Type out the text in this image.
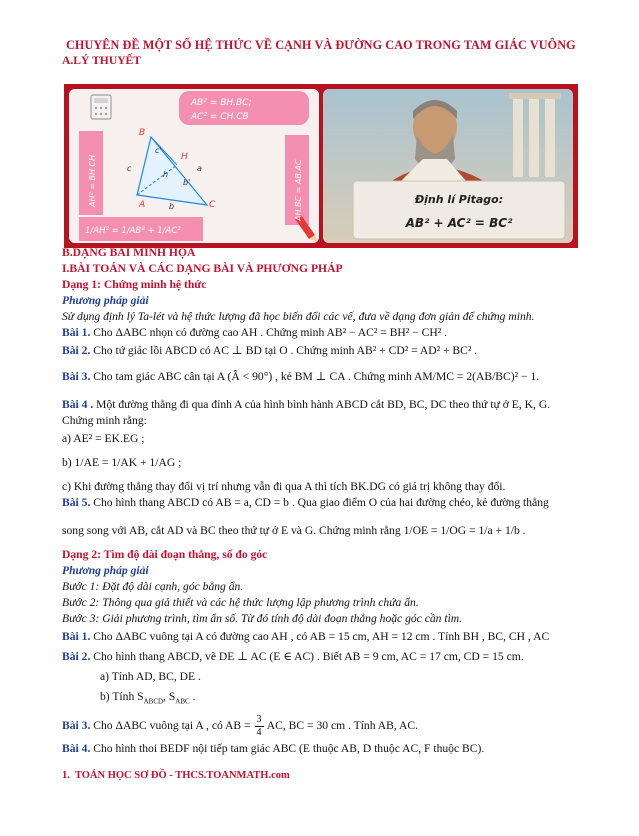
CHUYÊN ĐỀ MỘT SỐ HỆ THỨC VỀ CẠNH VÀ ĐƯỜNG CAO TRONG TAM GIÁC VUÔNG
A.LÝ THUYẾT
B
H
a
c
c'
h
b'
b
A	C
AB² = BH.BC;
AC² = CH.CB
AH² = BH.CH	AH.BC = AB.AC
1/AH² = 1/AB² + 1/AC²
Định lí Pitago:
AB² + AC² = BC²
B.DẠNG BÀI MINH HỌA
I.BÀI TOÁN VÀ CÁC DẠNG BÀI VÀ PHƯƠNG PHÁP
Dạng 1: Chứng minh hệ thức
Phương pháp giải
Sử dụng định lý Ta-lét và hệ thức lượng đã học biến đổi các vế, đưa về dạng đơn giản để chứng minh.
Bài 1. Cho ΔABC nhọn có đường cao AH . Chứng minh AB² − AC² = BH² − CH² .
Bài 2. Cho tứ giác lồi ABCD có AC ⊥ BD tại O . Chứng minh AB² + CD² = AD² + BC² .
Bài 3. Cho tam giác ABC cân tại A (Â < 90°) , kẻ BM ⊥ CA . Chứng minh AM/MC = 2(AB/BC)² − 1.
Bài 4 . Một đường thẳng đi qua đỉnh A của hình bình hành ABCD cắt BD, BC, DC theo thứ tự ở E, K, G.
Chứng minh rằng:
a) AE² = EK.EG ;
b) 1/AE = 1/AK + 1/AG ;
c) Khi đường thẳng thay đổi vị trí nhưng vẫn đi qua A thì tích BK.DG có giá trị không thay đổi.
Bài 5. Cho hình thang ABCD có AB = a, CD = b . Qua giao điểm O của hai đường chéo, kẻ đường thẳng
song song với AB, cắt AD và BC theo thứ tự ở E và G. Chứng minh rằng 1/OE = 1/OG = 1/a + 1/b .
Dạng 2: Tìm độ dài đoạn thẳng, số đo góc
Phương pháp giải
Bước 1: Đặt độ dài cạnh, góc bằng ẩn.
Bước 2: Thông qua giả thiết và các hệ thức lượng lập phương trình chứa ẩn.
Bước 3: Giải phương trình, tìm ẩn số. Từ đó tính độ dài đoạn thẳng hoặc góc cần tìm.
Bài 1. Cho ΔABC vuông tại A có đường cao AH , có AB = 15 cm, AH = 12 cm . Tính BH , BC, CH , AC
Bài 2. Cho hình thang ABCD, vẽ DE ⊥ AC (E ∈ AC) . Biết AB = 9 cm, AC = 17 cm, CD = 15 cm.
a) Tính AD, BC, DE .
b) Tính $S_{ABCD}$, $S_{ABC}$ .
Bài 3. Cho ΔABC vuông tại A , có AB = $\frac{3}{4}$ AC, BC = 30 cm . Tính AB, AC.
Bài 4. Cho hình thoi BEDF nội tiếp tam giác ABC (E thuộc AB, D thuộc AC, F thuộc BC).
1.  TOÁN HỌC SƠ ĐỒ - THCS.TOANMATH.com
